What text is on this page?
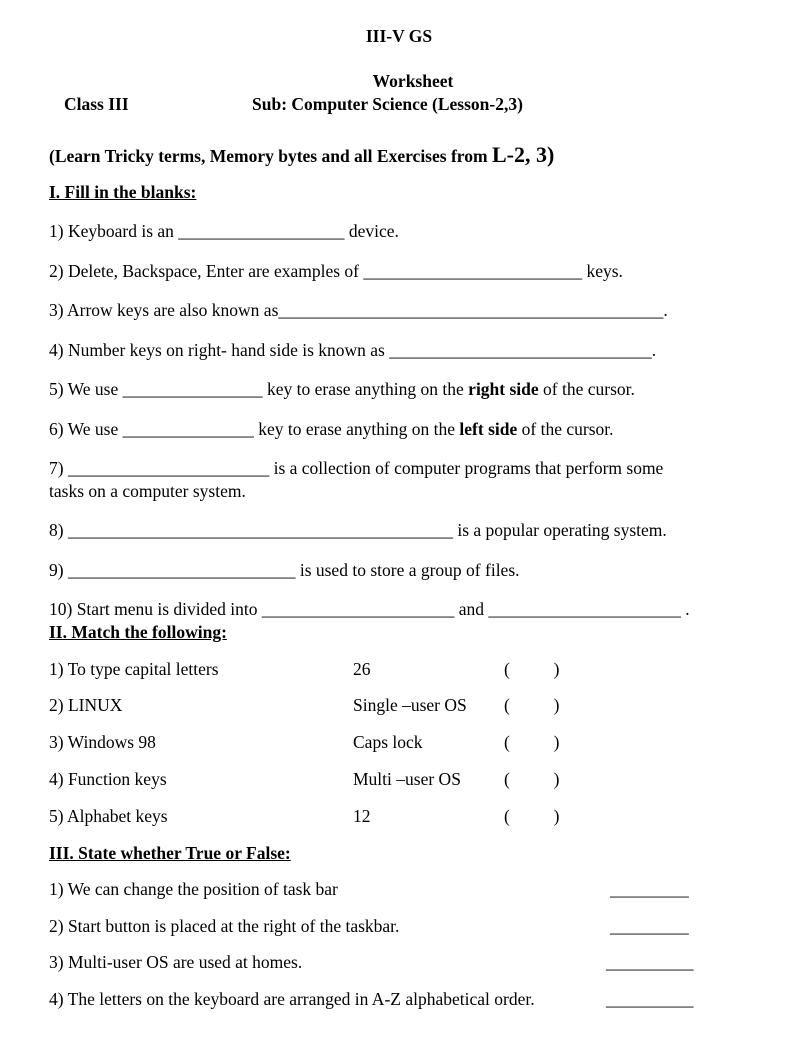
III-V GS
Worksheet
Class III	Sub: Computer Science (Lesson-2,3)
(Learn Tricky terms, Memory bytes and all Exercises from L-2, 3)
I. Fill in the blanks:
1) Keyboard is an ___________________ device.
2) Delete, Backspace, Enter are examples of _________________________ keys.
3) Arrow keys are also known as____________________________________________.
4) Number keys on right- hand side is known as ______________________________.
5) We use ________________ key to erase anything on the right side of the cursor.
6) We use _______________ key to erase anything on the left side of the cursor.
7) _______________________ is a collection of computer programs that perform some
tasks on a computer system.
8) ____________________________________________ is a popular operating system.
9) __________________________ is used to store a group of files.
10) Start menu is divided into ______________________ and ______________________ .
II. Match the following:
1) To type capital letters	26	(          )
2) LINUX	Single –user OS (          )
3) Windows 98	Caps lock	(          )
4) Function keys	Multi –user OS (          )
5) Alphabet keys	12	(          )
III. State whether True or False:
1) We can change the position of task bar	_________
2) Start button is placed at the right of the taskbar.	_________
3) Multi-user OS are used at homes.	__________
4) The letters on the keyboard are arranged in A-Z alphabetical order.	__________
